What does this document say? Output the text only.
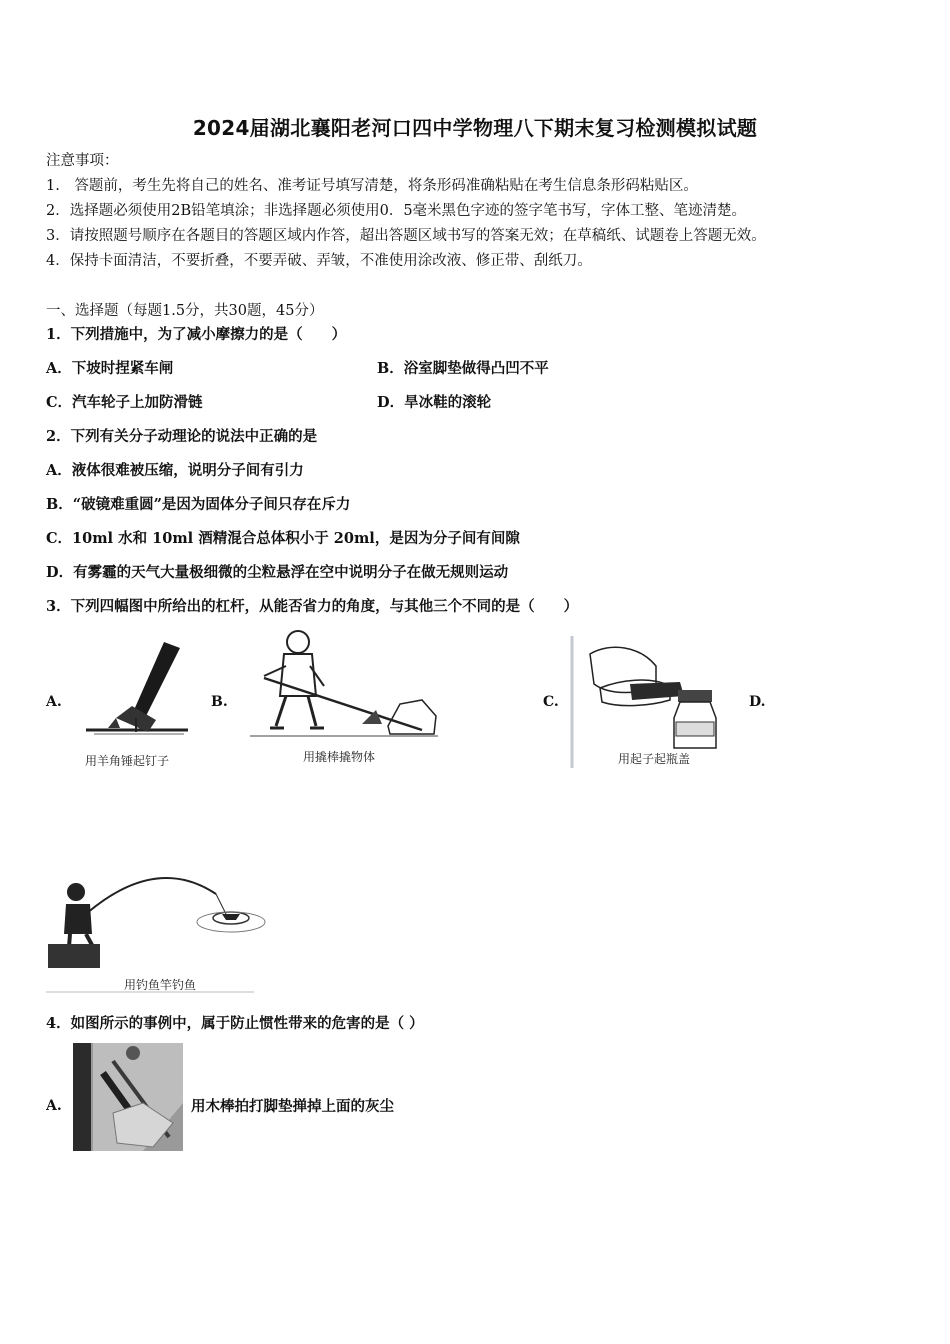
2024届湖北襄阳老河口四中学物理八下期末复习检测模拟试题
注意事项：
1.　答题前，考生先将自己的姓名、准考证号填写清楚，将条形码准确粘贴在考生信息条形码粘贴区。
2．选择题必须使用2B铅笔填涂；非选择题必须使用0．5毫米黑色字迹的签字笔书写，字体工整、笔迹清楚。
3．请按照题号顺序在各题目的答题区域内作答，超出答题区域书写的答案无效；在草稿纸、试题卷上答题无效。
4．保持卡面清洁，不要折叠，不要弄破、弄皱，不准使用涂改液、修正带、刮纸刀。
一、选择题（每题1.5分，共30题，45分）
1．下列措施中，为了减小摩擦力的是（　　）
A．下坡时捏紧车闸	B．浴室脚垫做得凸凹不平
C．汽车轮子上加防滑链	D．旱冰鞋的滚轮
2．下列有关分子动理论的说法中正确的是
A．液体很难被压缩，说明分子间有引力
B．“破镜难重圆”是因为固体分子间只存在斥力
C．10ml 水和 10ml 酒精混合总体积小于 20ml，是因为分子间有间隙
D．有雾霾的天气大量极细微的尘粒悬浮在空中说明分子在做无规则运动
3．下列四幅图中所给出的杠杆，从能否省力的角度，与其他三个不同的是（　　）
A.	B.	C.	D.
用羊角锤起钉子	用撬棒撬物体	用起子起瓶盖
用钓鱼竿钓鱼
4．如图所示的事例中，属于防止惯性带来的危害的是（ ）
A.	用木棒拍打脚垫掸掉上面的灰尘
